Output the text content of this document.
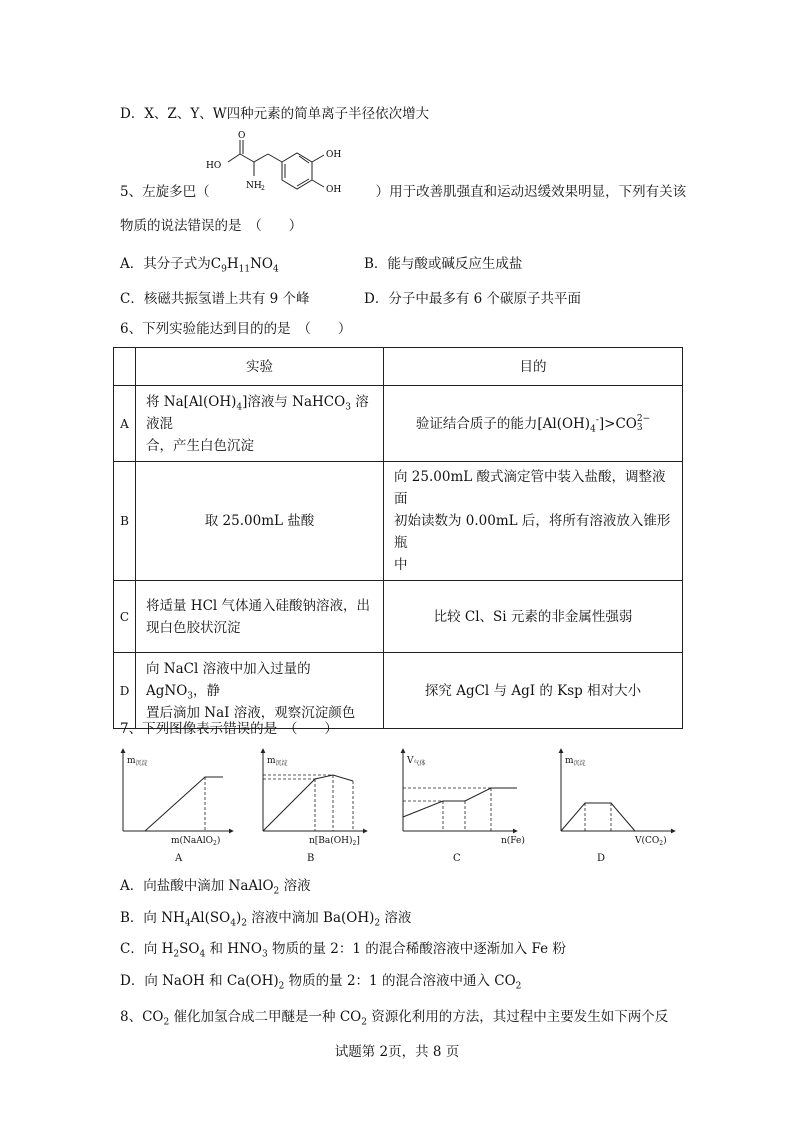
D．X、Z、Y、W四种元素的简单离子半径依次增大
O
HO
NH 2
OH
OH
5、左旋多巴（	）用于改善肌强直和运动迟缓效果明显，下列有关该
物质的说法错误的是　（　　）
A．其分子式为$C_9H_{11}NO_4$	B．能与酸或碱反应生成盐
C．核磁共振氢谱上共有 9 个峰	D．分子中最多有 6 个碳原子共平面
6、下列实验能达到目的的是　（　　）
	实验	目的
A	将 $Na[Al(OH)_4]$溶液与 NaHCO$_3$ 溶液混
合，产生白色沉淀	验证结合质子的能力$[Al(OH)_4^-]>CO2-$
3
B	取 25.00mL 盐酸	向 25.00mL 酸式滴定管中装入盐酸，调整液面
初始读数为 0.00mL 后，将所有溶液放入锥形瓶
中
C	将适量 HCl 气体通入硅酸钠溶液，出
现白色胶状沉淀	比较 Cl、Si 元素的非金属性强弱
D	向 NaCl 溶液中加入过量的 AgNO$_3$，静
置后滴加 NaI 溶液，观察沉淀颜色	探究 AgCl 与 AgI 的 Ksp 相对大小
7、下列图像表示错误的是　（　　）
$m_{沉淀}$
m(NaAlO$_2$)
A
$m_{沉淀}$
$n[Ba(OH)_2]$
B
$V_{气体}$
n(Fe)
C
$m_{沉淀}$
$V(CO_2)$
D
A．向盐酸中滴加 NaAlO$_2$ 溶液
B．向 $NH_4Al(SO_4)_2$ 溶液中滴加 $Ba(OH)_2$ 溶液
C．向 $H_2SO_4$ 和 $HNO_3$ 物质的量 2：1 的混合稀酸溶液中逐渐加入 Fe 粉
D．向 NaOH 和 $Ca(OH)_2$ 物质的量 2：1 的混合溶液中通入 $CO_2$
8、$CO_2$ 催化加氢合成二甲醚是一种 $CO_2$ 资源化利用的方法，其过程中主要发生如下两个反
试题第 2页，共 8 页
